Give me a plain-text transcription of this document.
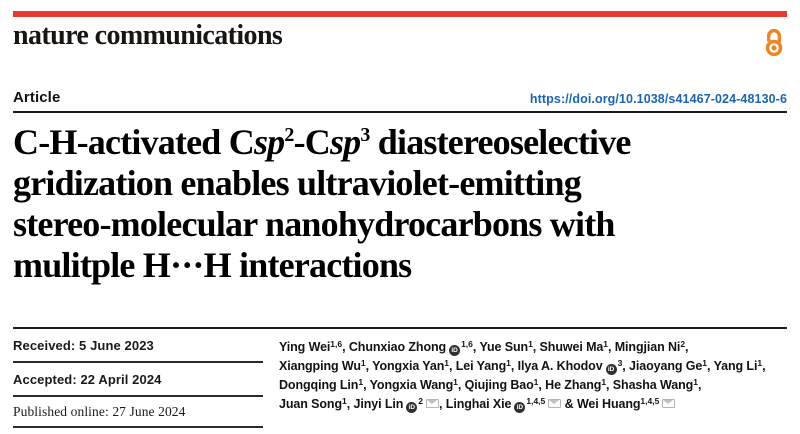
nature communications
Article	https://doi.org/10.1038/s41467-024-48130-6
C-H-activated Csp$^2$-Csp$^3$ diastereoselective
gridization enables ultraviolet-emitting
stereo-molecular nanohydrocarbons with
mulitple H···H interactions
Received: 5 June 2023
Accepted: 22 April 2024
Published online: 27 June 2024

Ying Wei$^{1,6}$, Chunxiao Zhong iD$^{1,6}$, Yue Sun$^1$, Shuwei Ma$^1$, Mingjian Ni$^2$,
Xiangping Wu$^1$, Yongxia Yan$^1$, Lei Yang$^1$, Ilya A. Khodov $iD^3$, Jiaoyang Ge$^1$, Yang Li$^1$,
Dongqing Lin$^1$, Yongxia Wang$^1$, Qiujing Bao$^1$, He Zhang$^1$, Shasha Wang$^1$,
Juan Song$^1$, Jinyi Lin $iD^2$ , Linghai Xie iD$^{1,4,5}$ & Wei Huang$^{1,4,5}$
